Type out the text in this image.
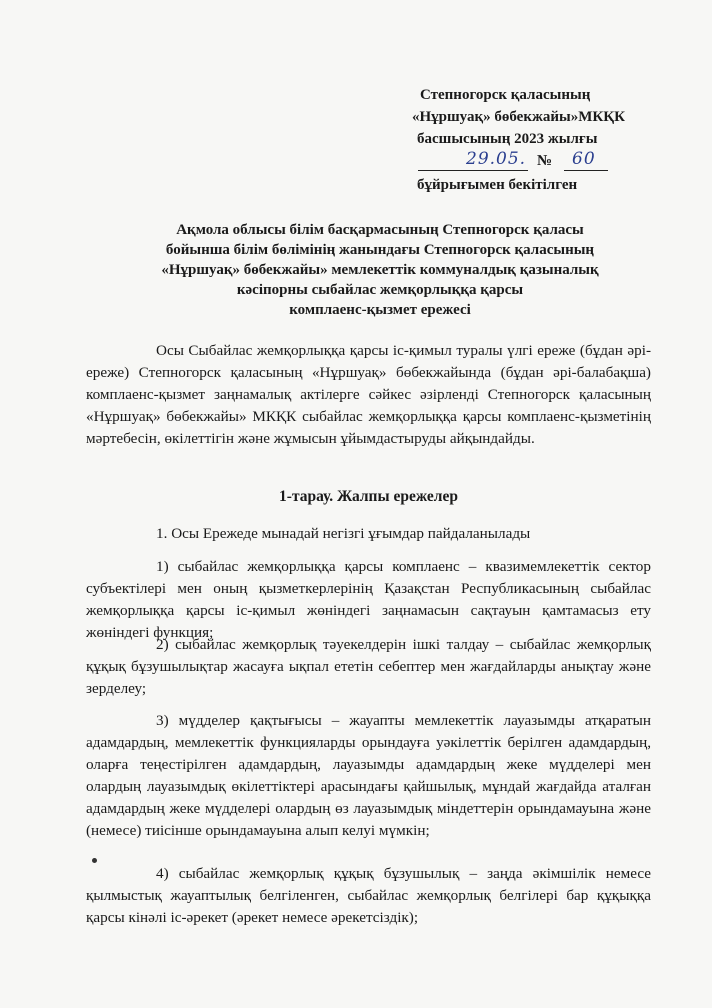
Степногорск қаласының
«Нұршуақ» бөбекжайы»МКҚК
басшысының 2023 жылғы
29.05. № 60
бұйрығымен бекітілген
Ақмола облысы білім басқармасының Степногорск қаласы
бойынша білім бөлімінің жанындағы Степногорск қаласының
«Нұршуақ» бөбекжайы» мемлекеттік коммуналдық қазыналық
кәсіпорны сыбайлас жемқорлыққа қарсы
комплаенс-қызмет ережесі

Осы Сыбайлас жемқорлыққа қарсы іс-қимыл туралы үлгі ереже (бұдан әрі-ереже) Степногорск қаласының «Нұршуақ» бөбекжайында (бұдан әрі-балабақша) комплаенс-қызмет заңнамалық актілерге сәйкес әзірленді Степногорск қаласының «Нұршуақ» бөбекжайы» МКҚК сыбайлас жемқорлыққа қарсы комплаенс-қызметінің мәртебесін, өкілеттігін және жұмысын ұйымдастыруды айқындайды.

1-тарау. Жалпы ережелер

1. Осы Ережеде мынадай негізгі ұғымдар пайдаланылады

1) сыбайлас жемқорлыққа қарсы комплаенс – квазимемлекеттік сектор субъектілері мен оның қызметкерлерінің Қазақстан Республикасының сыбайлас жемқорлыққа қарсы іс-қимыл жөніндегі заңнамасын сақтауын қамтамасыз ету жөніндегі функция;

2) сыбайлас жемқорлық тәуекелдерін ішкі талдау – сыбайлас жемқорлық құқық бұзушылықтар жасауға ықпал ететін себептер мен жағдайларды анықтау және зерделеу;

3) мүдделер қақтығысы – жауапты мемлекеттік лауазымды атқаратын адамдардың, мемлекеттік функцияларды орындауға уәкілеттік берілген адамдардың, оларға теңестірілген адамдардың, лауазымды адамдардың жеке мүдделері мен олардың лауазымдық өкілеттіктері арасындағы қайшылық, мұндай жағдайда аталған адамдардың жеке мүдделері олардың өз лауазымдық міндеттерін орындамауына және (немесе) тиісінше орындамауына алып келуі мүмкін;

4) сыбайлас жемқорлық құқық бұзушылық – заңда әкімшілік немесе қылмыстық жауаптылық белгіленген, сыбайлас жемқорлық белгілері бар құқыққа қарсы кінәлі іс-әрекет (әрекет немесе әрекетсіздік);
